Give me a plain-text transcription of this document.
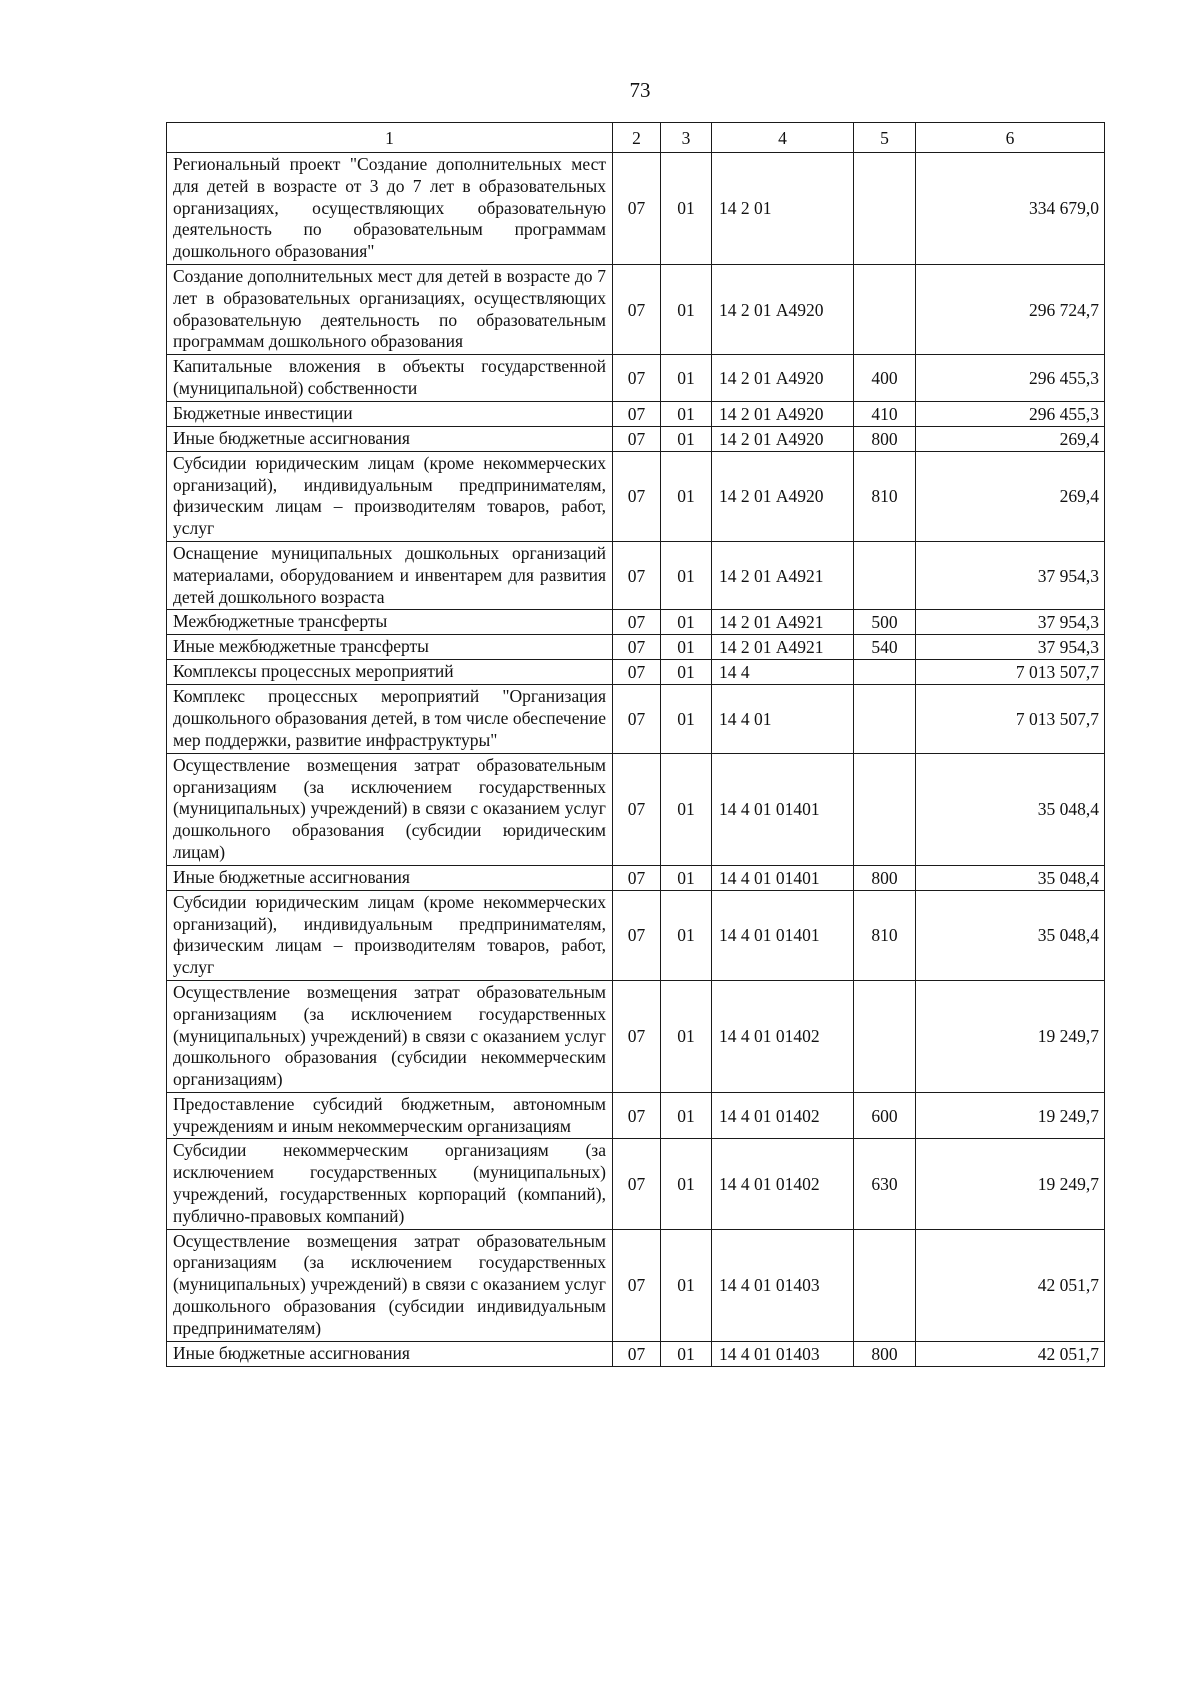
73
1	2	3	4	5	6
Региональный проект "Создание дополнительных мест для детей в возрасте от 3 до 7 лет в образовательных организациях, осуществляющих образовательную деятельность по образовательным программам дошкольного образования"	07	01	14 2 01		334 679,0
Создание дополнительных мест для детей в возрасте до 7 лет в образовательных организациях, осуществляющих образовательную деятельность по образовательным программам дошкольного образования	07	01	14 2 01 А4920		296 724,7
Капитальные вложения в объекты государственной (муниципальной) собственности	07	01	14 2 01 А4920	400	296 455,3
Бюджетные инвестиции	07	01	14 2 01 А4920	410	296 455,3
Иные бюджетные ассигнования	07	01	14 2 01 А4920	800	269,4
Субсидии юридическим лицам (кроме некоммерческих организаций), индивидуальным предпринимателям, физическим лицам – производителям товаров, работ, услуг	07	01	14 2 01 А4920	810	269,4
Оснащение муниципальных дошкольных организаций материалами, оборудованием и инвентарем для развития детей дошкольного возраста	07	01	14 2 01 А4921		37 954,3
Межбюджетные трансферты	07	01	14 2 01 А4921	500	37 954,3
Иные межбюджетные трансферты	07	01	14 2 01 А4921	540	37 954,3
Комплексы процессных мероприятий	07	01	14 4		7 013 507,7
Комплекс процессных мероприятий "Организация дошкольного образования детей, в том числе обеспечение мер поддержки, развитие инфраструктуры"	07	01	14 4 01		7 013 507,7
Осуществление возмещения затрат образовательным организациям (за исключением государственных (муниципальных) учреждений) в связи с оказанием услуг дошкольного образования (субсидии юридическим лицам)	07	01	14 4 01 01401		35 048,4
Иные бюджетные ассигнования	07	01	14 4 01 01401	800	35 048,4
Субсидии юридическим лицам (кроме некоммерческих организаций), индивидуальным предпринимателям, физическим лицам – производителям товаров, работ, услуг	07	01	14 4 01 01401	810	35 048,4
Осуществление возмещения затрат образовательным организациям (за исключением государственных (муниципальных) учреждений) в связи с оказанием услуг дошкольного образования (субсидии некоммерческим организациям)	07	01	14 4 01 01402		19 249,7
Предоставление субсидий бюджетным, автономным учреждениям и иным некоммерческим организациям	07	01	14 4 01 01402	600	19 249,7
Субсидии некоммерческим организациям (за исключением государственных (муниципальных) учреждений, государственных корпораций (компаний), публично-правовых компаний)	07	01	14 4 01 01402	630	19 249,7
Осуществление возмещения затрат образовательным организациям (за исключением государственных (муниципальных) учреждений) в связи с оказанием услуг дошкольного образования (субсидии индивидуальным предпринимателям)	07	01	14 4 01 01403		42 051,7
Иные бюджетные ассигнования	07	01	14 4 01 01403	800	42 051,7
